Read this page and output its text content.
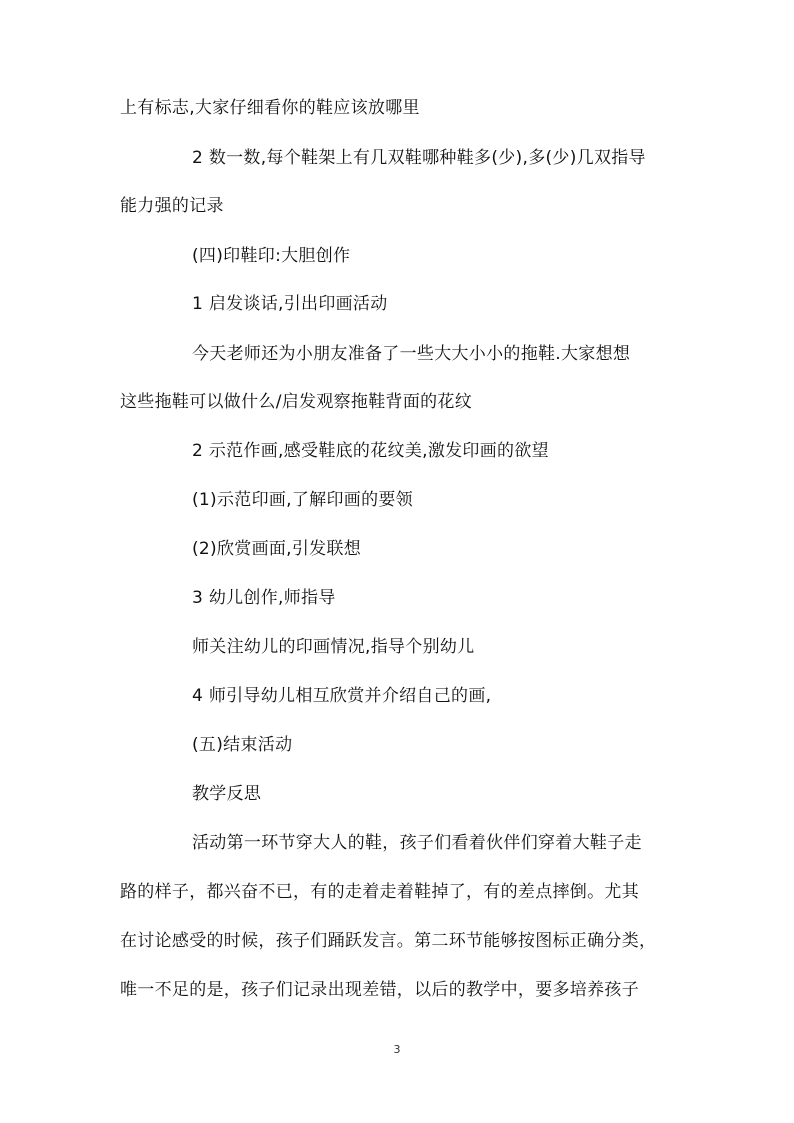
上有标志,大家仔细看你的鞋应该放哪里
2 数一数,每个鞋架上有几双鞋哪种鞋多(少),多(少)几双指导
能力强的记录
(四)印鞋印:大胆创作
1 启发谈话,引出印画活动
今天老师还为小朋友准备了一些大大小小的拖鞋.大家想想
这些拖鞋可以做什么/启发观察拖鞋背面的花纹
2 示范作画,感受鞋底的花纹美,激发印画的欲望
(1)示范印画,了解印画的要领
(2)欣赏画面,引发联想
3 幼儿创作,师指导
师关注幼儿的印画情况,指导个别幼儿
4 师引导幼儿相互欣赏并介绍自己的画,
(五)结束活动
教学反思
活动第一环节穿大人的鞋，孩子们看着伙伴们穿着大鞋子走
路的样子，都兴奋不已，有的走着走着鞋掉了，有的差点摔倒。尤其
在讨论感受的时候，孩子们踊跃发言。第二环节能够按图标正确分类，
唯一不足的是，孩子们记录出现差错，以后的教学中，要多培养孩子
3
